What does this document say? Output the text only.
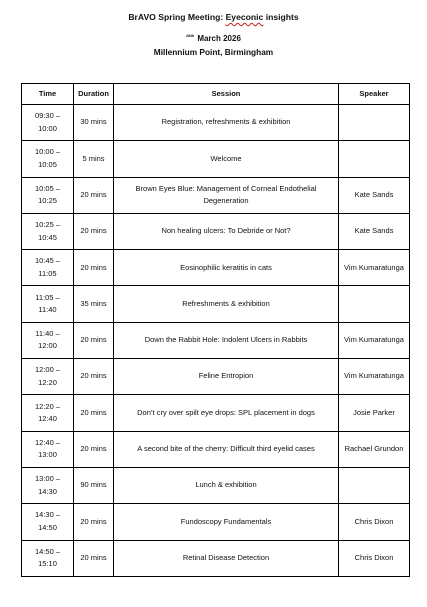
BrAVO Spring Meeting: Eyeconic insights
$^{28th}$ March 2026
Millennium Point, Birmingham
Time	Duration	Session	Speaker
09:30 – 10:00	30 mins	Registration, refreshments & exhibition	
10:00 – 10:05	5 mins	Welcome	
10:05 – 10:25	20 mins	Brown Eyes Blue: Management of Corneal Endothelial Degeneration	Kate Sands
10:25 – 10:45	20 mins	Non healing ulcers: To Debride or Not?	Kate Sands
10:45 – 11:05	20 mins	Eosinophilic keratitis in cats	Vim Kumaratunga
11:05 – 11:40	35 mins	Refreshments & exhibition	
11:40 – 12:00	20 mins	Down the Rabbit Hole: Indolent Ulcers in Rabbits	Vim Kumaratunga
12:00 – 12:20	20 mins	Feline Entropion	Vim Kumaratunga
12:20 – 12:40	20 mins	Don’t cry over spilt eye drops: SPL placement in dogs	Josie Parker
12:40 – 13:00	20 mins	A second bite of the cherry: Difficult third eyelid cases	Rachael Grundon
13:00 – 14:30	90 mins	Lunch & exhibition	
14:30 – 14:50	20 mins	Fundoscopy Fundamentals	Chris Dixon
14:50 – 15:10	20 mins	Retinal Disease Detection	Chris Dixon
